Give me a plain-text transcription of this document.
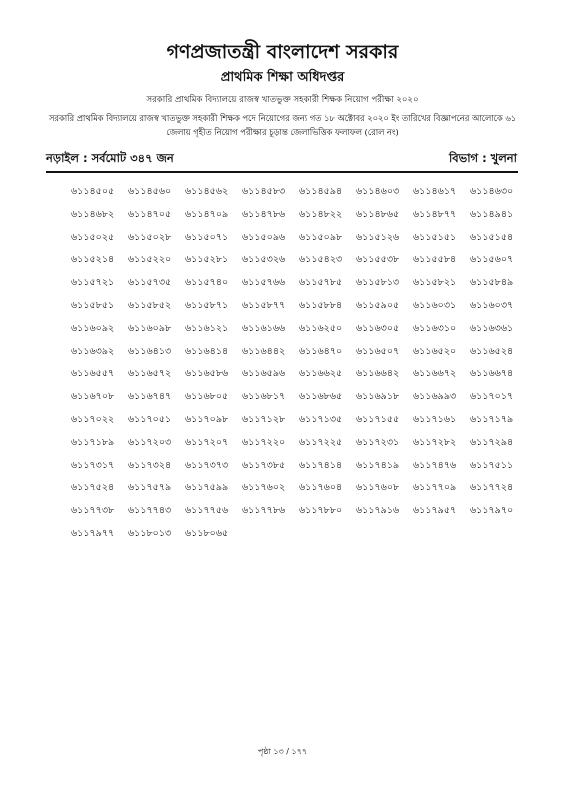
গণপ্রজাতন্ত্রী বাংলাদেশ সরকার
প্রাথমিক শিক্ষা অধিদপ্তর
সরকারি প্রাথমিক বিদ্যালয়ে রাজস্ব খাতভুক্ত সহকারী শিক্ষক নিয়োগ পরীক্ষা ২০২০
সরকারি প্রাথমিক বিদ্যালয়ে রাজস্ব খাতভুক্ত সহকারী শিক্ষক পদে নিয়োগের জন্য গত ১৮ অক্টোবর ২০২০ ইং তারিখের বিজ্ঞাপনের আলোকে ৬১ জেলায় গৃহীত নিয়োগ পরীক্ষার চূড়ান্ত জেলাভিত্তিক ফলাফল (রোল নং)
নড়াইল : সর্বমোট ৩৪৭ জন	বিভাগ : খুলনা
৬১১৪৫০৫	৬১১৪৫৬০	৬১১৪৫৬২	৬১১৪৫৮৩	৬১১৪৫৯৪	৬১১৪৬০৩	৬১১৪৬১৭	৬১১৪৬৩০
৬১১৪৬৮২	৬১১৪৭০৫	৬১১৪৭০৯	৬১১৪৭৮৬	৬১১৪৮২২	৬১১৪৮৬৫	৬১১৪৮৭৭	৬১১৪৯৪১
৬১১৫০২৫	৬১১৫০২৮	৬১১৫০৭১	৬১১৫০৯৬	৬১১৫০৯৮	৬১১৫১২৬	৬১১৫১৫১	৬১১৫১৫৪
৬১১৫২১৪	৬১১৫২২০	৬১১৫২৮১	৬১১৫৩২৬	৬১১৫৪২৩	৬১১৫৫৩৮	৬১১৫৫৮৪	৬১১৫৬০৭
৬১১৫৭২১	৬১১৫৭৩৫	৬১১৫৭৪০	৬১১৫৭৬৬	৬১১৫৭৮৫	৬১১৫৮১৩	৬১১৫৮২১	৬১১৫৮৪৯
৬১১৫৮৫১	৬১১৫৮৫২	৬১১৫৮৭১	৬১১৫৮৭৭	৬১১৫৮৮৪	৬১১৫৯০৫	৬১১৬০৩১	৬১১৬০৩৭
৬১১৬০৯২	৬১১৬০৯৮	৬১১৬১২১	৬১১৬১৬৬	৬১১৬২৫০	৬১১৬৩০৫	৬১১৬৩১০	৬১১৬৩৬১
৬১১৬৩৯২	৬১১৬৪১৩	৬১১৬৪১৪	৬১১৬৪৪২	৬১১৬৪৭০	৬১১৬৫০৭	৬১১৬৫২০	৬১১৬৫২৪
৬১১৬৫৫৭	৬১১৬৫৭২	৬১১৬৫৮৬	৬১১৬৫৯৬	৬১১৬৬২৫	৬১১৬৬৪২	৬১১৬৬৭২	৬১১৬৬৭৪
৬১১৬৭০৮	৬১১৬৭৪৭	৬১১৬৮০৫	৬১১৬৮১৭	৬১১৬৮৬৫	৬১১৬৯১৮	৬১১৬৯৯৩	৬১১৭০১৭
৬১১৭০২২	৬১১৭০৫১	৬১১৭০৯৮	৬১১৭১২৮	৬১১৭১৩৫	৬১১৭১৫৫	৬১১৭১৬১	৬১১৭১৭৯
৬১১৭১৮৯	৬১১৭২০৩	৬১১৭২০৭	৬১১৭২২০	৬১১৭২২৫	৬১১৭২৩১	৬১১৭২৮২	৬১১৭২৯৪
৬১১৭৩১৭	৬১১৭৩২৪	৬১১৭৩৭৩	৬১১৭৩৮৫	৬১১৭৪১৪	৬১১৭৪১৯	৬১১৭৪৭৬	৬১১৭৫১১
৬১১৭৫২৪	৬১১৭৫৭৯	৬১১৭৫৯৯	৬১১৭৬০২	৬১১৭৬০৪	৬১১৭৬০৮	৬১১৭৭০৯	৬১১৭৭২৪
৬১১৭৭৩৮	৬১১৭৭৪৩	৬১১৭৭৫৬	৬১১৭৭৮৬	৬১১৭৮৮০	৬১১৭৯১৬	৬১১৭৯৫৭	৬১১৭৯৭০
৬১১৭৯৭৭	৬১১৮০১৩	৬১১৮০৬৫
পৃষ্ঠা ১৩ / ১৭৭
